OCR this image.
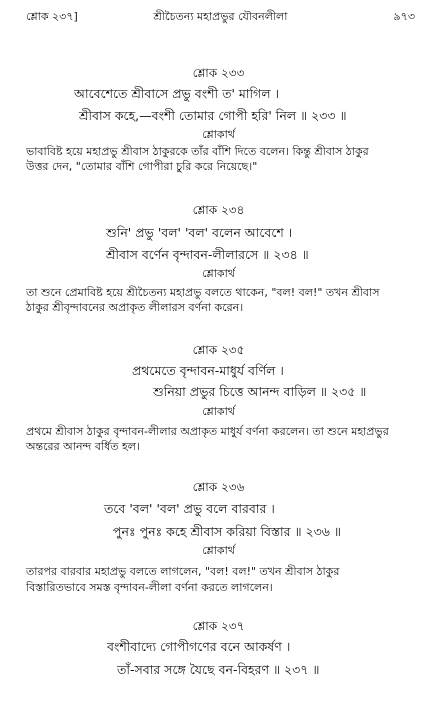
শ্লোক ২৩৭]	শ্রীচৈতন্য মহাপ্রভুর যৌবনলীলা	৯৭৩
শ্লোক ২৩৩
আবেশেতে শ্রীবাসে প্রভু বংশী ত' মাগিল ।
শ্রীবাস কহে,—বংশী তোমার গোপী হরি' নিল ॥ ২৩৩ ॥
শ্লোকার্থ
ভাবাবিষ্ট হয়ে মহাপ্রভু শ্রীবাস ঠাকুরকে তাঁর বাঁশি দিতে বলেন। কিন্তু শ্রীবাস ঠাকুর
উত্তর দেন, "তোমার বাঁশি গোপীরা চুরি করে নিয়েছে।"
শ্লোক ২৩৪
শুনি' প্রভু 'বল' 'বল' বলেন আবেশে ।
শ্রীবাস বর্ণেন বৃন্দাবন-লীলারসে ॥ ২৩৪ ॥
শ্লোকার্থ
তা শুনে প্রেমাবিষ্ট হয়ে শ্রীচৈতন্য মহাপ্রভু বলতে থাকেন, "বল! বল!" তখন শ্রীবাস
ঠাকুর শ্রীবৃন্দাবনের অপ্রাকৃত লীলারস বর্ণনা করেন।
শ্লোক ২৩৫
প্রথমেতে বৃন্দাবন-মাধুর্য বর্ণিল ।
শুনিয়া প্রভুর চিত্তে আনন্দ বাড়িল ॥ ২৩৫ ॥
শ্লোকার্থ
প্রথমে শ্রীবাস ঠাকুর বৃন্দাবন-লীলার অপ্রাকৃত মাধুর্য বর্ণনা করলেন। তা শুনে মহাপ্রভুর
অন্তরের আনন্দ বর্ধিত হল।
শ্লোক ২৩৬
তবে 'বল' 'বল' প্রভু বলে বারবার ।
পুনঃ পুনঃ কহে শ্রীবাস করিয়া বিস্তার ॥ ২৩৬ ॥
শ্লোকার্থ
তারপর বারবার মহাপ্রভু বলতে লাগলেন, "বল! বল!" তখন শ্রীবাস ঠাকুর
বিস্তারিতভাবে সমস্ত বৃন্দাবন-লীলা বর্ণনা করতে লাগলেন।
শ্লোক ২৩৭
বংশীবাদ্যে গোপীগণের বনে আকর্ষণ ।
তাঁ-সবার সঙ্গে যৈছে বন-বিহরণ ॥ ২৩৭ ॥
